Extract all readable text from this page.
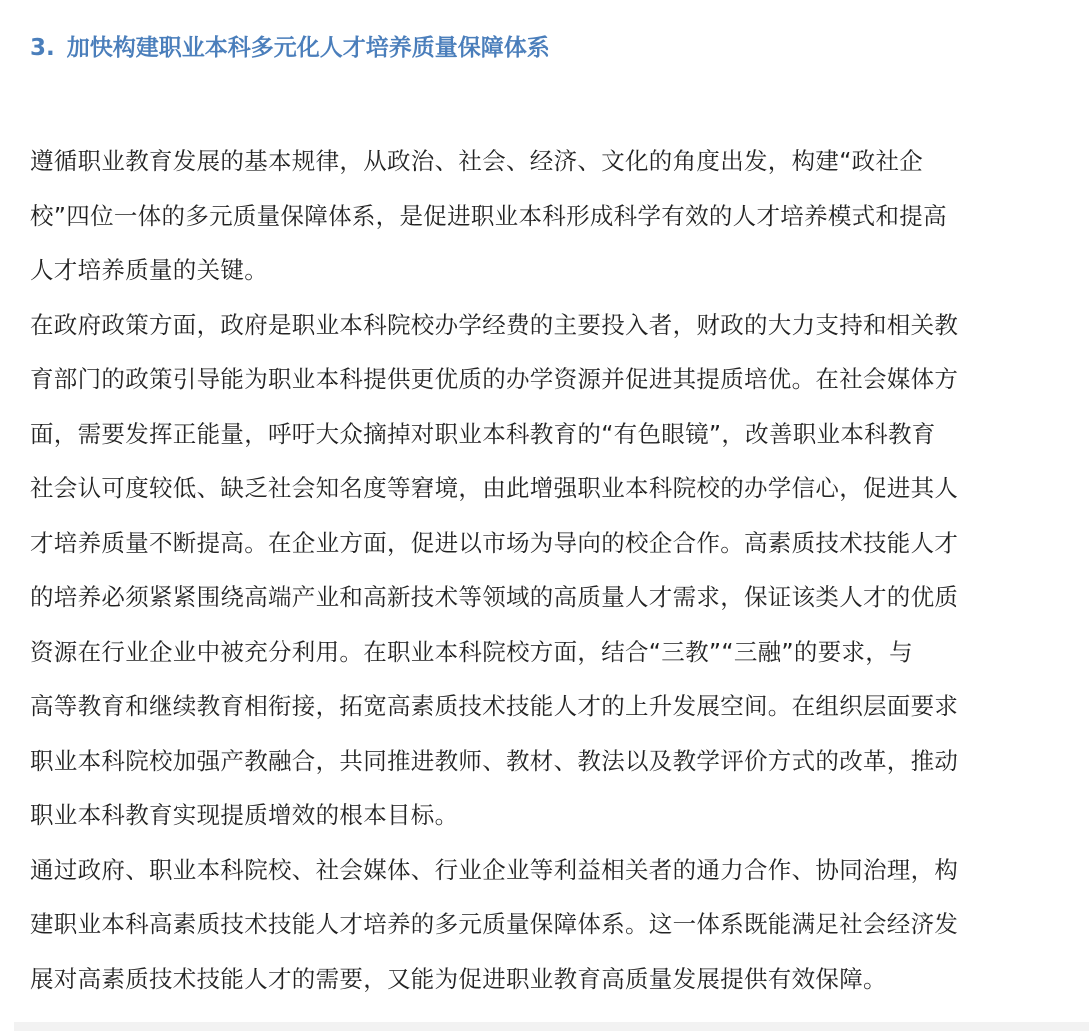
3. 加快构建职业本科多元化人才培养质量保障体系

遵循职业教育发展的基本规律，从政治、社会、经济、文化的角度出发，构建“政社企
校”四位一体的多元质量保障体系，是促进职业本科形成科学有效的人才培养模式和提高
人才培养质量的关键。

在政府政策方面，政府是职业本科院校办学经费的主要投入者，财政的大力支持和相关教
育部门的政策引导能为职业本科提供更优质的办学资源并促进其提质培优。在社会媒体方
面，需要发挥正能量，呼吁大众摘掉对职业本科教育的“有色眼镜”，改善职业本科教育
社会认可度较低、缺乏社会知名度等窘境，由此增强职业本科院校的办学信心，促进其人
才培养质量不断提高。在企业方面，促进以市场为导向的校企合作。高素质技术技能人才
的培养必须紧紧围绕高端产业和高新技术等领域的高质量人才需求，保证该类人才的优质
资源在行业企业中被充分利用。在职业本科院校方面，结合“三教”“三融”的要求，与
高等教育和继续教育相衔接，拓宽高素质技术技能人才的上升发展空间。在组织层面要求
职业本科院校加强产教融合，共同推进教师、教材、教法以及教学评价方式的改革，推动
职业本科教育实现提质增效的根本目标。

通过政府、职业本科院校、社会媒体、行业企业等利益相关者的通力合作、协同治理，构
建职业本科高素质技术技能人才培养的多元质量保障体系。这一体系既能满足社会经济发
展对高素质技术技能人才的需要，又能为促进职业教育高质量发展提供有效保障。
